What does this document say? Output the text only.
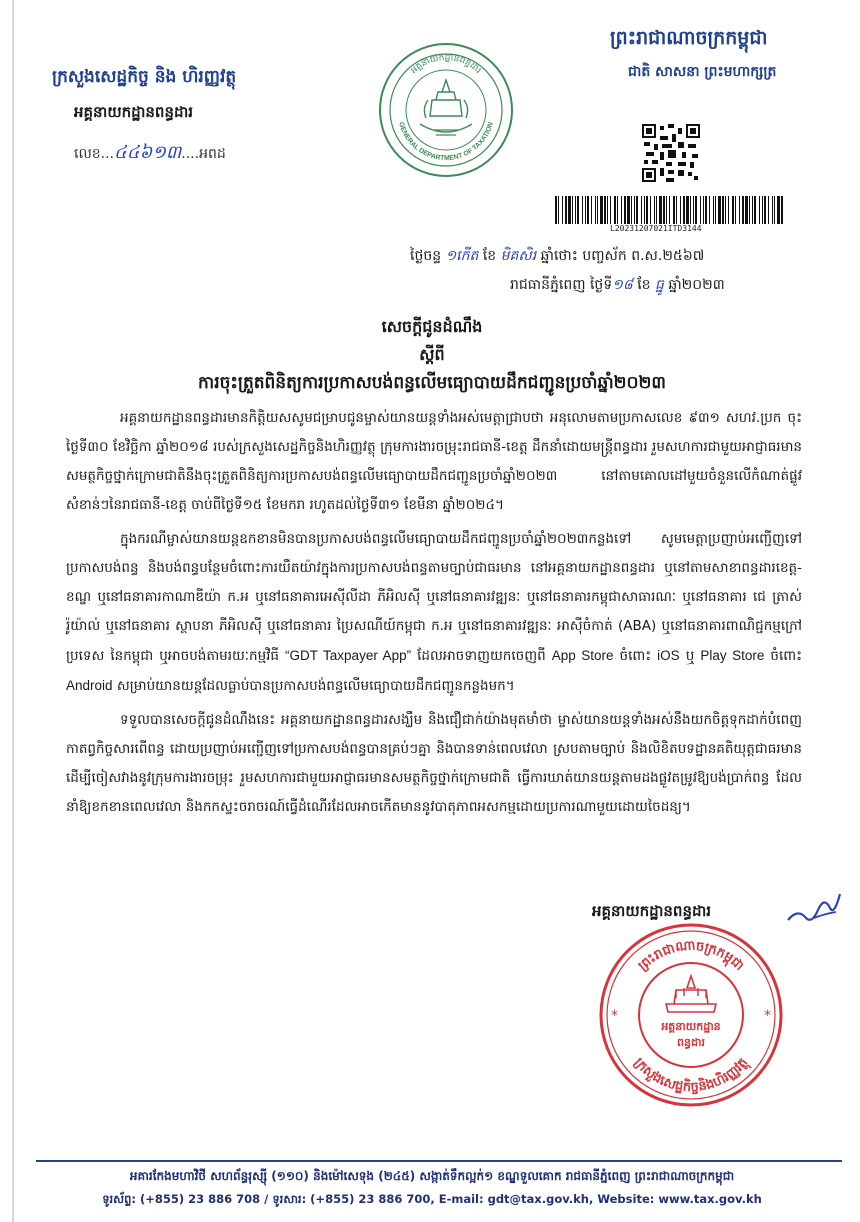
ក្រសួងសេដ្ឋកិច្ច និង ហិរញ្ញវត្ថុ
អគ្គនាយកដ្ឋានពន្ធដារ
លេខ...៤៤៦១៣....អពដ
អគ្គនាយកដ្ឋានពន្ធដារ
GENERAL DEPARTMENT OF TAXATION
ព្រះរាជាណាចក្រកម្ពុជា
ជាតិ សាសនា ព្រះមហាក្សត្រ
L20231207021ITD3144
ថ្ងៃចន្ទ ១កើត ខែ មិគសិរ ឆ្នាំថោះ បញ្ចស័ក ព.ស.២៥៦៧
រាជធានីភ្នំពេញ ថ្ងៃទី១៨ ខែ ធ្នូ ឆ្នាំ២០២៣
សេចក្តីជូនដំណឹង
ស្តីពី
ការចុះត្រួតពិនិត្យការប្រកាសបង់ពន្ធលើមធ្យោបាយដឹកជញ្ជូនប្រចាំឆ្នាំ២០២៣

អគ្គនាយកដ្ឋានពន្ធដារមានកិត្តិយសសូមជម្រាបជូនម្ចាស់យានយន្តទាំងអស់មេត្តាជ្រាបថា អនុលោមតាមប្រកាសលេខ ៩៣១ សហវ.ប្រក ចុះថ្ងៃទី៣០ ខែវិច្ឆិកា ឆ្នាំ២០១៨ របស់ក្រសួងសេដ្ឋកិច្ចនិងហិរញ្ញវត្ថុ ក្រុមការងារចម្រុះរាជធានី-ខេត្ត ដឹកនាំដោយមន្ត្រីពន្ធដារ រួមសហការជាមួយអាជ្ញាធរមានសមត្ថកិច្ចថ្នាក់ក្រោមជាតិនឹងចុះត្រួតពិនិត្យការប្រកាសបង់ពន្ធលើមធ្យោបាយដឹកជញ្ជូនប្រចាំឆ្នាំ២០២៣ នៅតាមគោលដៅមួយចំនួនលើកំណាត់ផ្លូវសំខាន់ៗនៃរាជធានី-ខេត្ត ចាប់ពីថ្ងៃទី១៥ ខែមករា រហូតដល់ថ្ងៃទី៣១ ខែមីនា ឆ្នាំ២០២៤។

ក្នុងករណីម្ចាស់យានយន្តឧកខានមិនបានប្រកាសបង់ពន្ធលើមធ្យោបាយដឹកជញ្ជូនប្រចាំឆ្នាំ២០២៣កន្លងទៅ សូមមេត្តាប្រញាប់អញ្ជើញទៅប្រកាសបង់ពន្ធ និងបង់ពន្ធបន្ថែមចំពោះការយឺតយ៉ាវក្នុងការប្រកាសបង់ពន្ធតាមច្បាប់ជាធរមាន នៅអគ្គនាយកដ្ឋានពន្ធដារ ឬនៅតាមសាខាពន្ធដារខេត្ត-ខណ្ឌ ឬនៅធនាគារកាណាឌីយ៉ា ក.អ ឬនៅធនាគារអេស៊ីលីដា ភីអិលស៊ី ឬនៅធនាគារវឌ្ឍនៈ ឬនៅធនាគារកម្ពុជាសាធារណៈ ឬនៅធនាគារ ជេ ត្រាស់ រ៉ូយ៉ាល់ ឬនៅធនាគារ ស្ថាបនា ភីអិលស៊ី ឬនៅធនាគារ ប្រៃសណីយ៍កម្ពុជា ក.អ ឬនៅធនាគារវឌ្ឍនៈ អាស៊ីចំកាត់ (ABA) ឬនៅធនាគារពាណិជ្ជកម្មក្រៅប្រទេស នៃកម្ពុជា ឬអាចបង់តាមរយៈកម្មវិធី “GDT Taxpayer App” ដែលអាចទាញយកចេញពី App Store ចំពោះ iOS ឬ Play Store ចំពោះ Android សម្រាប់យានយន្តដែលធ្លាប់បានប្រកាសបង់ពន្ធលើមធ្យោបាយដឹកជញ្ជូនកន្លងមក។

ទទួលបានសេចក្តីជូនដំណឹងនេះ អគ្គនាយកដ្ឋានពន្ធដារសង្ឃឹម និងជឿជាក់យ៉ាងមុតមាំថា ម្ចាស់យានយន្តទាំងអស់នឹងយកចិត្តទុកដាក់បំពេញកាតព្វកិច្ចសារពើពន្ធ ដោយប្រញាប់អញ្ជើញទៅប្រកាសបង់ពន្ធបានគ្រប់ៗគ្នា និងបានទាន់ពេលវេលា ស្របតាមច្បាប់ និងលិខិតបទដ្ឋានគតិយុត្តជាធរមាន ដើម្បីចៀសវាងនូវក្រុមការងារចម្រុះ រួមសហការជាមួយអាជ្ញាធរមានសមត្ថកិច្ចថ្នាក់ក្រោមជាតិ ធ្វើការឃាត់យានយន្តតាមដងផ្លូវតម្រូវឱ្យបង់ប្រាក់ពន្ធ ដែលនាំឱ្យខកខានពេលវេលា និងកកស្ទះចរាចរណ៍ធ្វើដំណើរដែលអាចកើតមាននូវបាតុភាពអសកម្មដោយប្រការណាមួយដោយចៃដន្យ។

អគ្គនាយកដ្ឋានពន្ធដារ
ព្រះរាជាណាចក្រកម្ពុជា
ក្រសួងសេដ្ឋកិច្ចនិងហិរញ្ញវត្ថុ
*	*
អគ្គនាយកដ្ឋាន
ពន្ធដារ
អគារកែងមហាវិថី សហព័ន្ធរុស្ស៊ី (១១០) និងម៉ៅសេទុង (២៤៥) សង្កាត់ទឹកល្អក់១ ខណ្ឌទួលគោក រាជធានីភ្នំពេញ ព្រះរាជាណាចក្រកម្ពុជា
ទូរស័ព្ទ: (+855) 23 886 708 / ទូរសារ: (+855) 23 886 700, E-mail: gdt@tax.gov.kh, Website: www.tax.gov.kh
